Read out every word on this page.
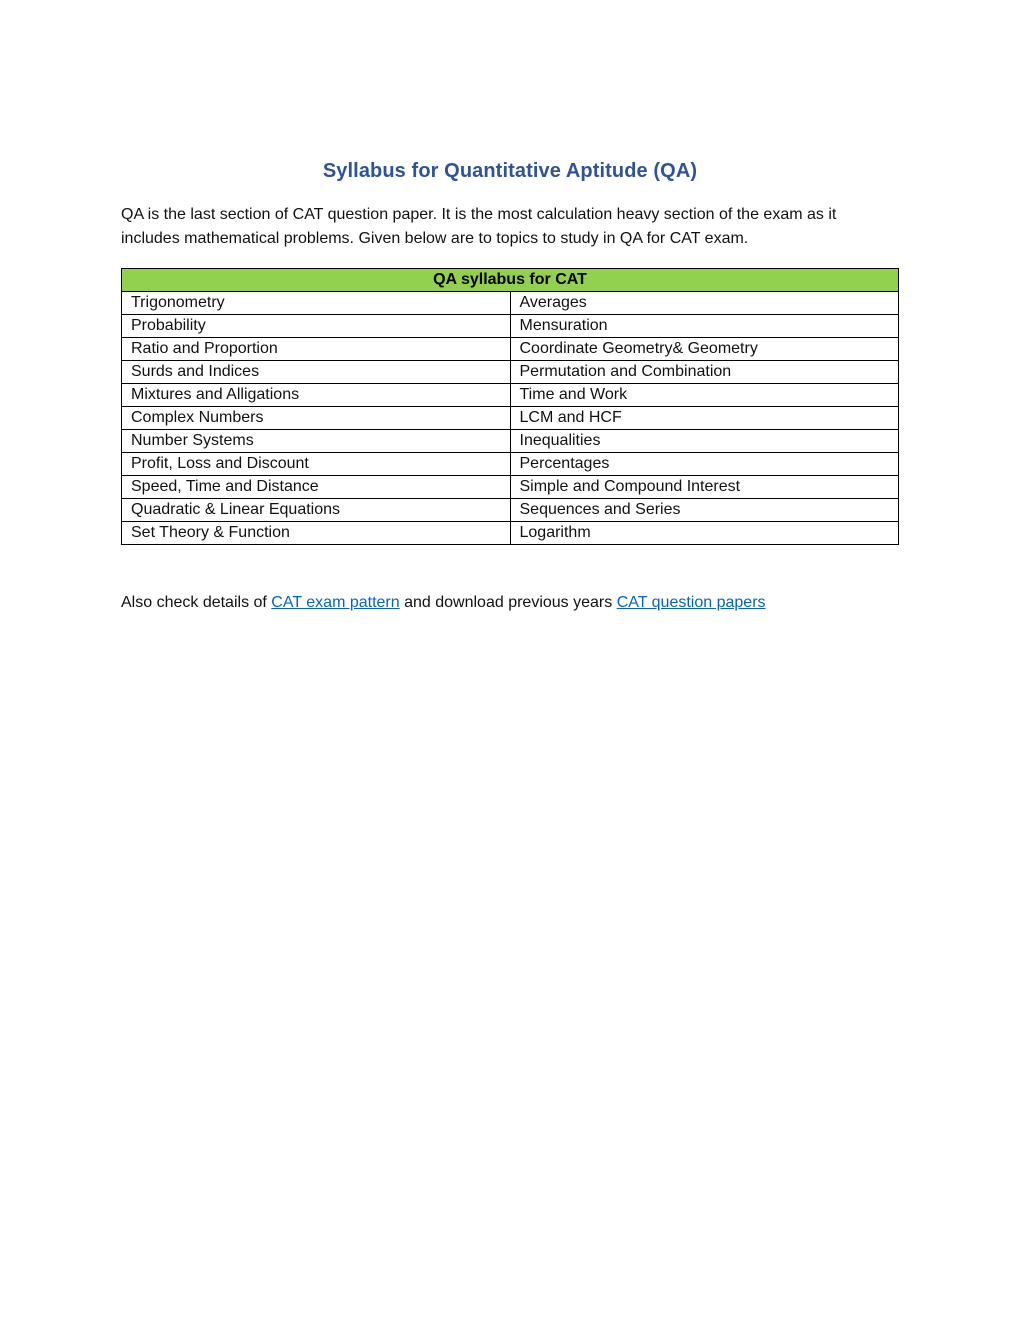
Syllabus for Quantitative Aptitude (QA)

QA is the last section of CAT question paper. It is the most calculation heavy section of the exam as it includes mathematical problems. Given below are to topics to study in QA for CAT exam.

QA syllabus for CAT	
Trigonometry	Averages
Probability	Mensuration
Ratio and Proportion	Coordinate Geometry& Geometry
Surds and Indices	Permutation and Combination
Mixtures and Alligations	Time and Work
Complex Numbers	LCM and HCF
Number Systems	Inequalities
Profit, Loss and Discount	Percentages
Speed, Time and Distance	Simple and Compound Interest
Quadratic & Linear Equations	Sequences and Series
Set Theory & Function	Logarithm

Also check details of CAT exam pattern and download previous years CAT question papers
